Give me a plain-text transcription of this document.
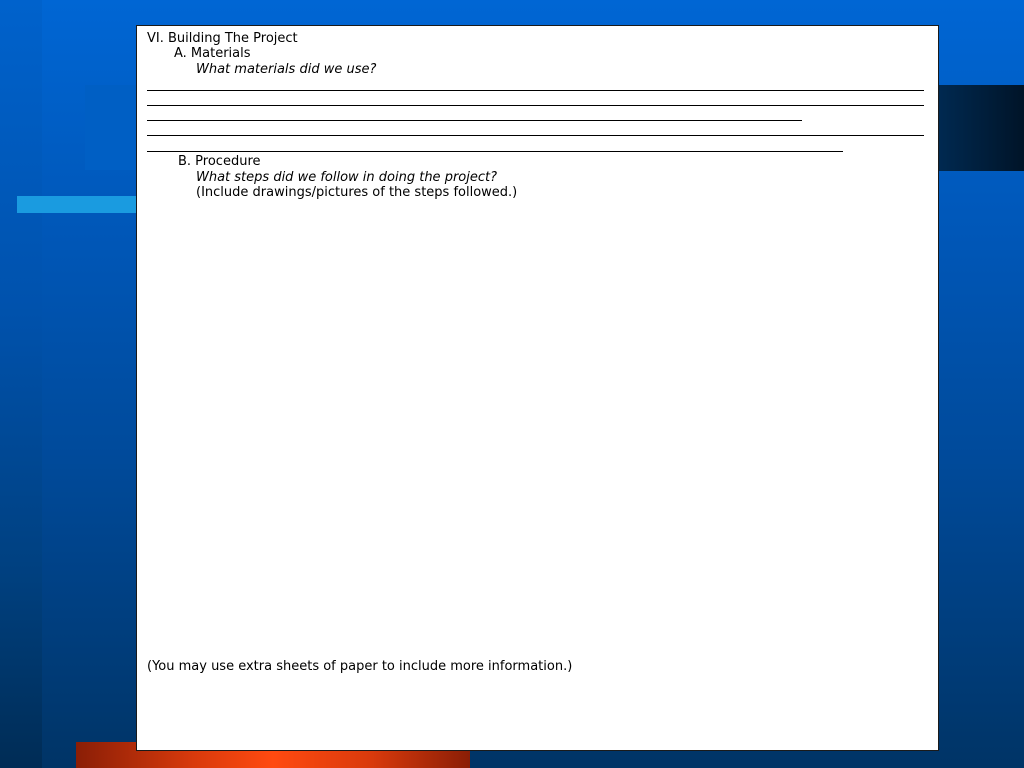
VI. Building The Project
A. Materials
What materials did we use?
B. Procedure
What steps did we follow in doing the project?
(Include drawings/pictures of the steps followed.)
(You may use extra sheets of paper to include more information.)
